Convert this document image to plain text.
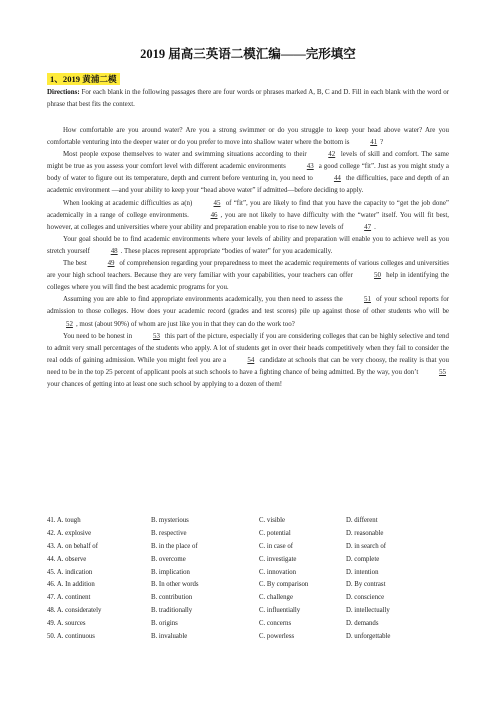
2019 届高三英语二模汇编——完形填空
1、2019 黄浦二模
Directions: For each blank in the following passages there are four words or phrases marked A, B, C and D. Fill in each blank with the word or phrase that best fits the context.

How comfortable are you around water? Are you a strong swimmer or do you struggle to keep your head above water? Are you comfortable venturing into the deeper water or do you prefer to move into shallow water where the bottom is	41 ?

Most people expose themselves to water and swimming situations according to their	42 levels of skill and comfort. The same might be true as you assess your comfort level with different academic environments	43 a good college “fit”. Just as you might study a body of water to figure out its temperature, depth and current before venturing in, you need to	44 the difficulties, pace and depth of an academic environment —and your ability to keep your “head above water” if admitted—before deciding to apply.

When looking at academic difficulties as a(n)	45 of “fit”, you are likely to find that you have the capacity to “get the job done” academically in a range of college environments.	46 , you are not likely to have difficulty with the “water” itself. You will fit best, however, at colleges and universities where your ability and preparation enable you to rise to new levels of	47 .

Your goal should be to find academic environments where your levels of ability and preparation will enable you to achieve well as you stretch yourself	48 . These places represent appropriate “bodies of water” for you academically.

The best	49 of comprehension regarding your preparedness to meet the academic requirements of various colleges and universities are your high school teachers. Because they are very familiar with your capabilities, your teachers can offer	50 help in identifying the colleges where you will find the best academic programs for you.

Assuming you are able to find appropriate environments academically, you then need to assess the	51 of your school reports for admission to those colleges. How does your academic record (grades and test scores) pile up against those of other students who will be 52 , most (about 90%) of whom are just like you in that they can do the work too?

You need to be honest in	53 this part of the picture, especially if you are considering colleges that can be highly selective and tend to admit very small percentages of the students who apply. A lot of students get in over their heads competitively when they fail to consider the real odds of gaining admission. While you might feel you are a	54 candidate at schools that can be very choosy, the reality is that you need to be in the top 25 percent of applicant pools at such schools to have a fighting chance of being admitted. By the way, you don’t	55 your chances of getting into at least one such school by applying to a dozen of them!

41. A. tough	B. mysterious	C. visible	D. different
42. A. explosive	B. respective	C. potential	D. reasonable
43. A. on behalf of	B. in the place of	C. in case of	D. in search of
44. A. observe	B. overcome	C. investigate	D. complete
45. A. indication	B. implication	C. innovation	D. intention
46. A. In addition	B. In other words	C. By comparison	D. By contrast
47. A. continent	B. contribution	C. challenge	D. conscience
48. A. considerately	B. traditionally	C. influentially	D. intellectually
49. A. sources	B. origins	C. concerns	D. demands
50. A. continuous	B. invaluable	C. powerless	D. unforgettable
